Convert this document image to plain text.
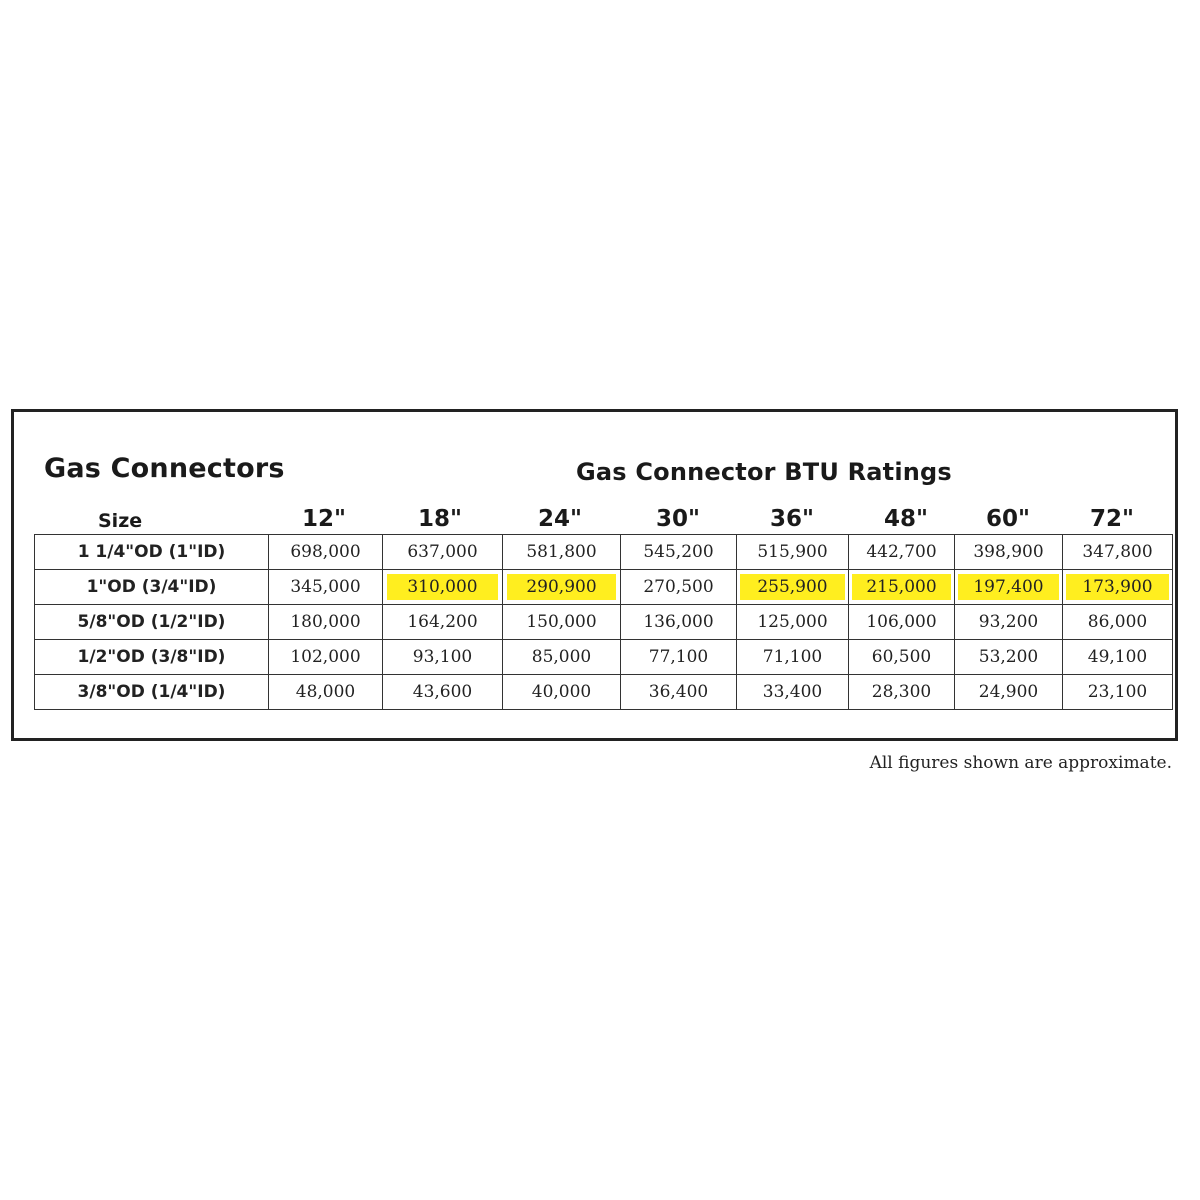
Gas Connectors	Gas Connector BTU Ratings
Size	12"	18"	24"	30"	36"	48"	60"	72"
1 1/4"OD (1"ID)	698,000	637,000	581,800	545,200	515,900	442,700	398,900	347,800
1"OD (3/4"ID)	345,000	310,000	290,900	270,500	255,900	215,000	197,400	173,900
5/8"OD (1/2"ID)	180,000	164,200	150,000	136,000	125,000	106,000	93,200	86,000
1/2"OD (3/8"ID)	102,000	93,100	85,000	77,100	71,100	60,500	53,200	49,100
3/8"OD (1/4"ID)	48,000	43,600	40,000	36,400	33,400	28,300	24,900	23,100
All figures shown are approximate.
